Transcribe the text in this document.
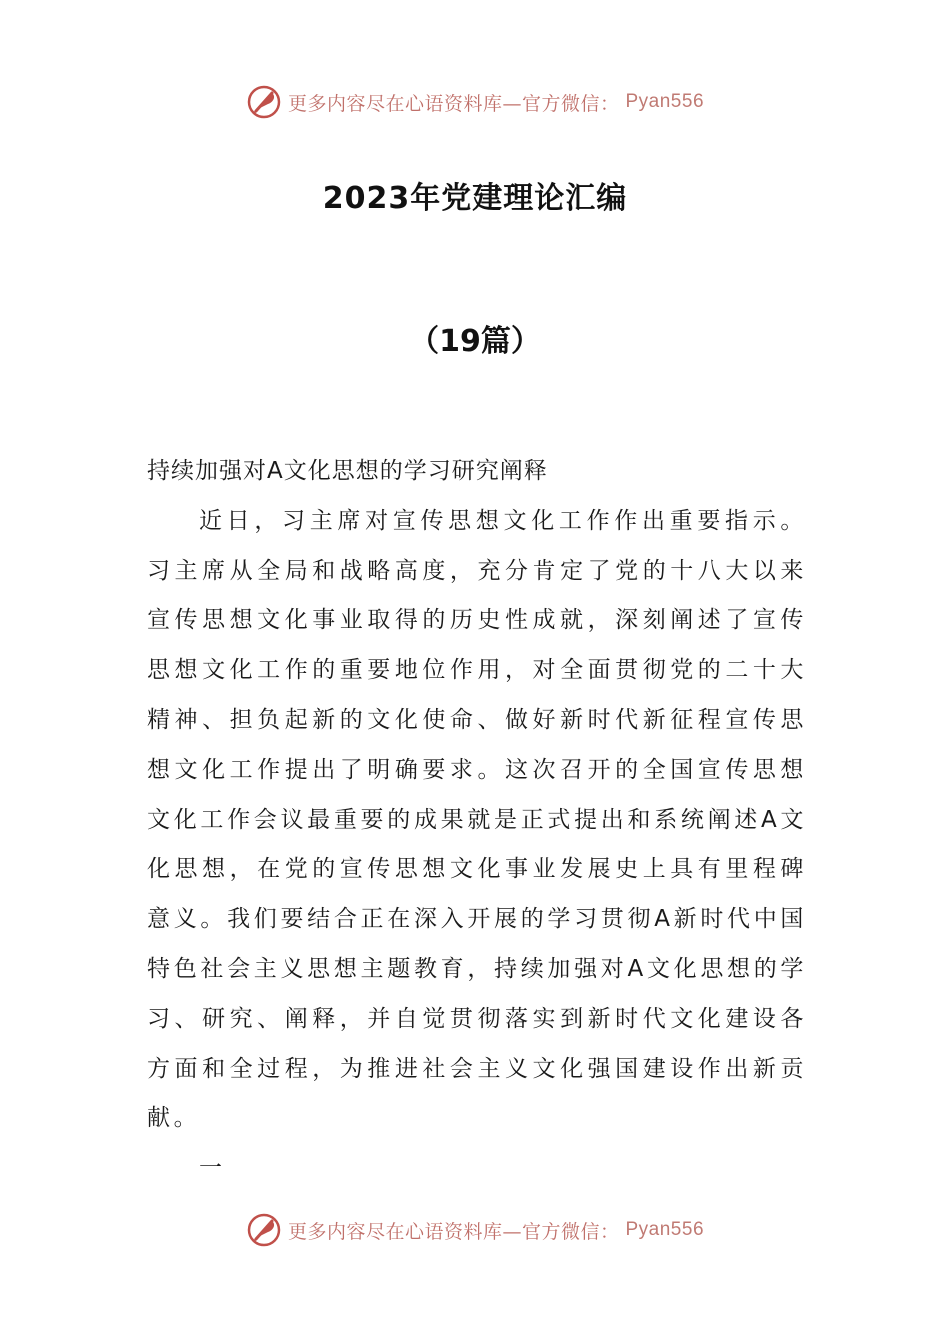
更多内容尽在心语资料库—官方微信： Pyan556
2023年党建理论汇编
（19篇）

持续加强对A文化思想的学习研究阐释

近日，习主席对宣传思想文化工作作出重要指示。习主席从全局和战略高度，充分肯定了党的十八大以来宣传思想文化事业取得的历史性成就，深刻阐述了宣传思想文化工作的重要地位作用，对全面贯彻党的二十大精神、担负起新的文化使命、做好新时代新征程宣传思想文化工作提出了明确要求。这次召开的全国宣传思想文化工作会议最重要的成果就是正式提出和系统阐述A文化思想，在党的宣传思想文化事业发展史上具有里程碑意义。我们要结合正在深入开展的学习贯彻A新时代中国特色社会主义思想主题教育，持续加强对A文化思想的学习、研究、阐释，并自觉贯彻落实到新时代文化建设各方面和全过程，为推进社会主义文化强国建设作出新贡献。

一

更多内容尽在心语资料库—官方微信： Pyan556
